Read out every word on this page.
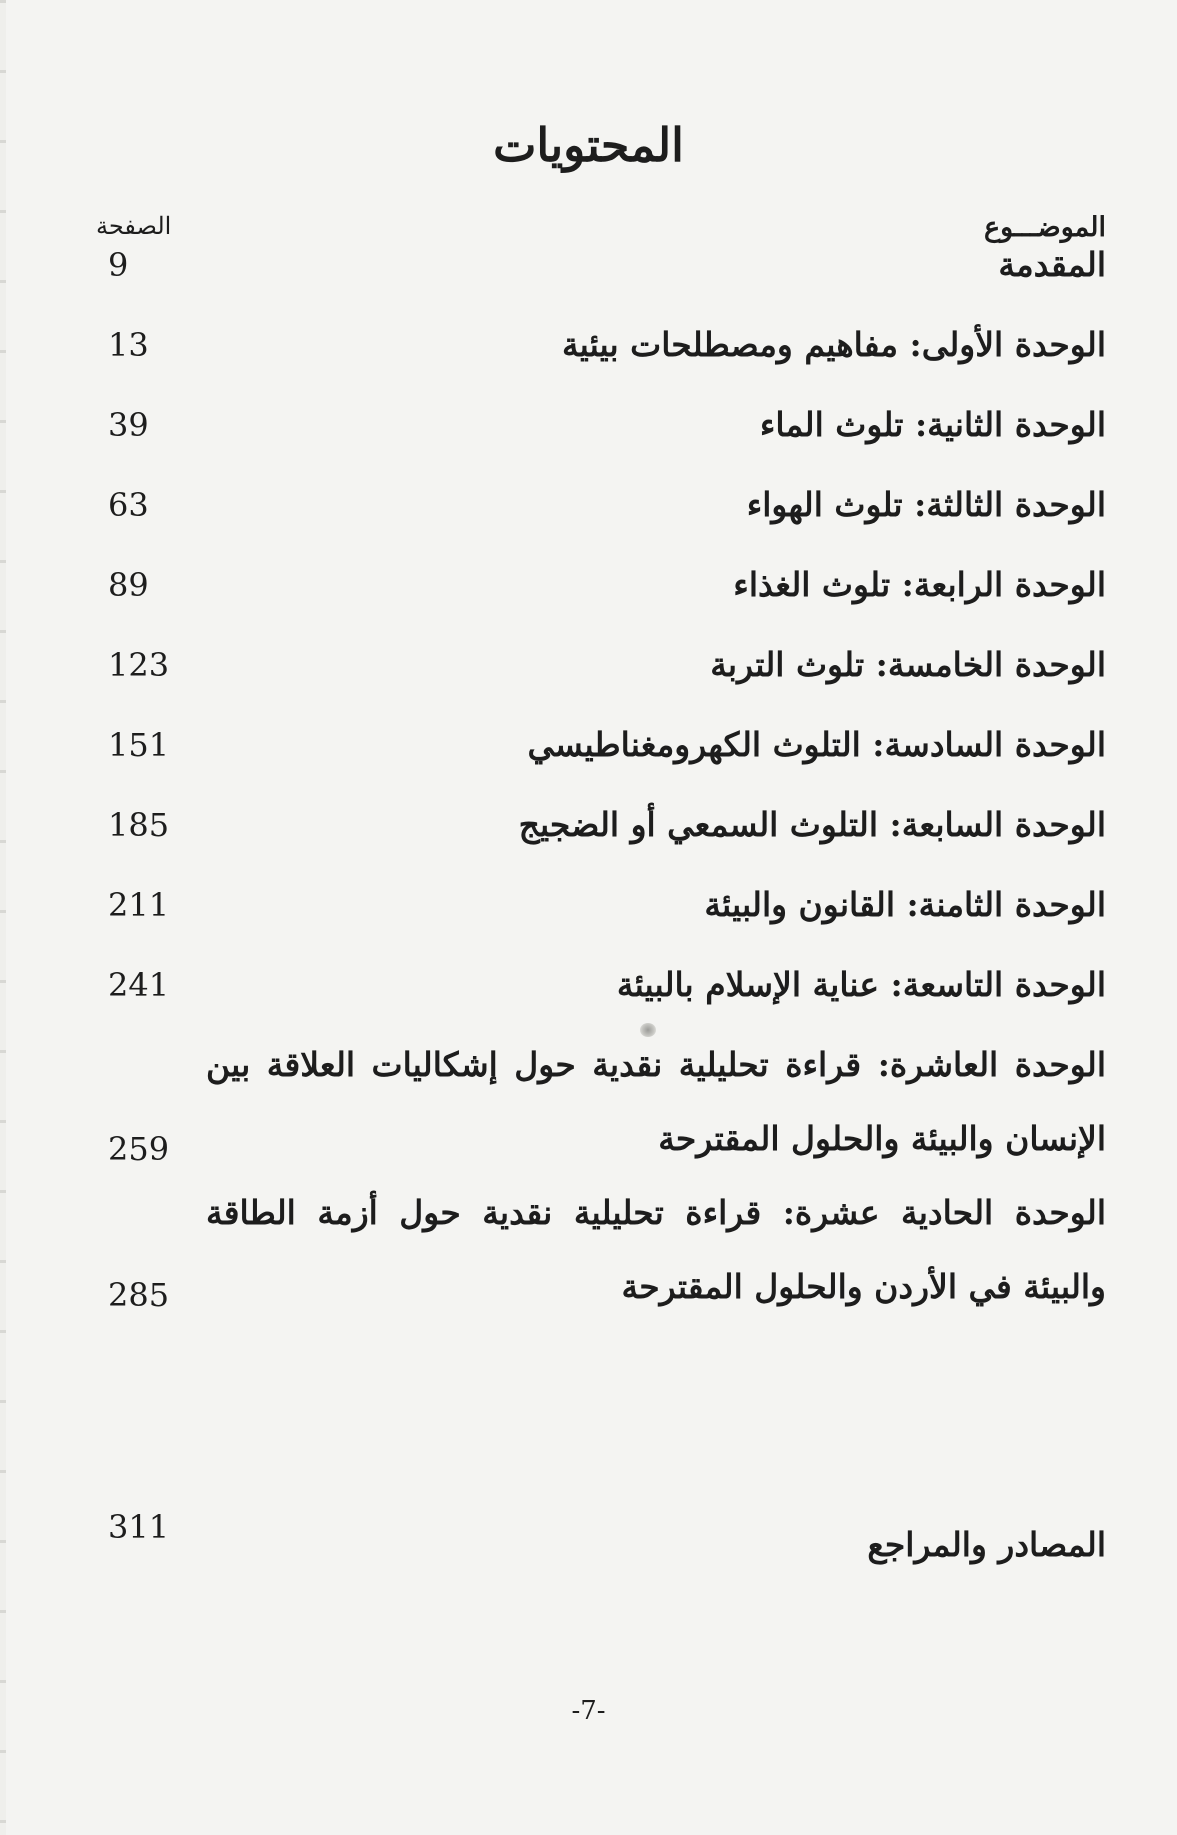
المحتويات
الموضـــوع
الصفحة
المقدمة
9
الوحدة الأولى: مفاهيم ومصطلحات بيئية
13
الوحدة الثانية: تلوث الماء
39
الوحدة الثالثة: تلوث الهواء
63
الوحدة الرابعة: تلوث الغذاء
89
الوحدة الخامسة: تلوث التربة
123
الوحدة السادسة: التلوث الكهرومغناطيسي
151
الوحدة السابعة: التلوث السمعي أو الضجيج
185
الوحدة الثامنة: القانون والبيئة
211
الوحدة التاسعة: عناية الإسلام بالبيئة
241
الوحدة العاشرة: قراءة تحليلية نقدية حول إشكاليات العلاقة بين الإنسان والبيئة والحلول المقترحة
259
الوحدة الحادية عشرة: قراءة تحليلية نقدية حول أزمة الطاقة والبيئة في الأردن والحلول المقترحة
285
المصادر والمراجع
311
-7-
